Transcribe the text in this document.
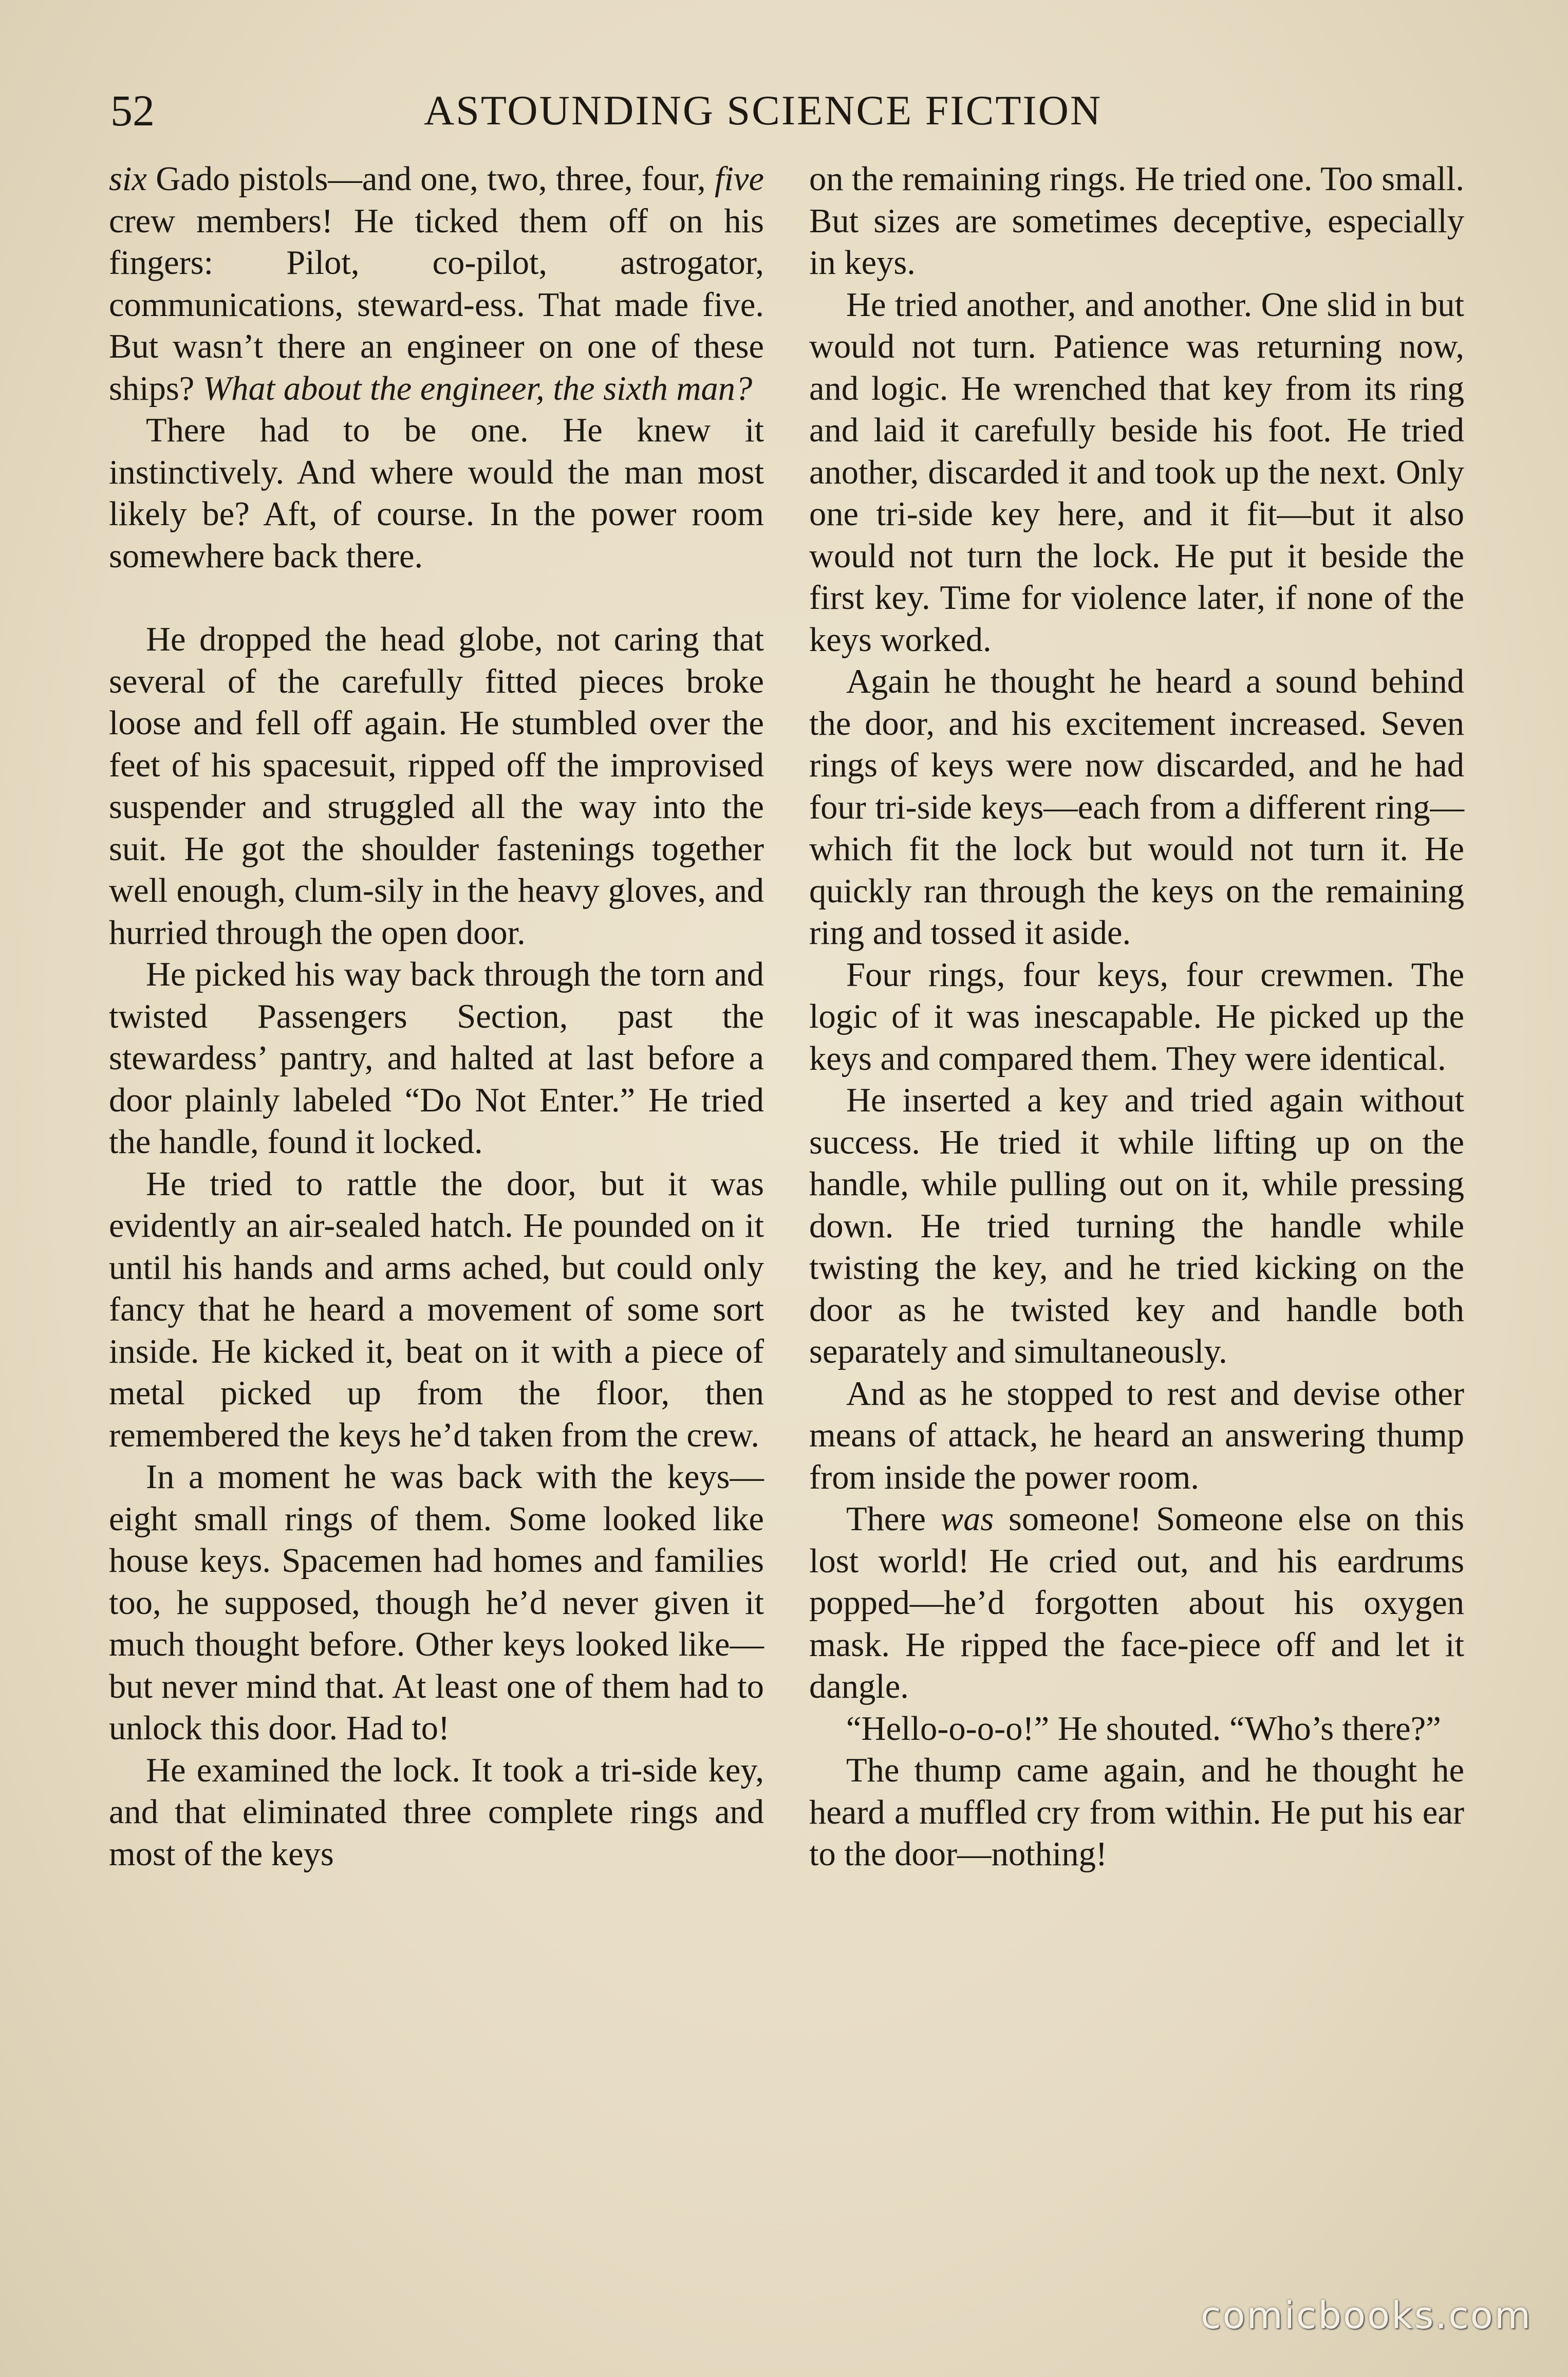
52	ASTOUNDING SCIENCE FICTION

six Gado pistols—and one, two, three, four, five crew members! He ticked them off on his fingers: Pilot, co-pilot, astrogator, communications, steward-ess. That made five. But wasn’t there an engineer on one of these ships? What about the engineer, the sixth man?

There had to be one. He knew it instinctively. And where would the man most likely be? Aft, of course. In the power room somewhere back there.

He dropped the head globe, not caring that several of the carefully fitted pieces broke loose and fell off again. He stumbled over the feet of his spacesuit, ripped off the improvised suspender and struggled all the way into the suit. He got the shoulder fastenings together well enough, clum-sily in the heavy gloves, and hurried through the open door.

He picked his way back through the torn and twisted Passengers Section, past the stewardess’ pantry, and halted at last before a door plainly labeled “Do Not Enter.” He tried the handle, found it locked.

He tried to rattle the door, but it was evidently an air-sealed hatch. He pounded on it until his hands and arms ached, but could only fancy that he heard a movement of some sort inside. He kicked it, beat on it with a piece of metal picked up from the floor, then remembered the keys he’d taken from the crew.

In a moment he was back with the keys—eight small rings of them. Some looked like house keys. Spacemen had homes and families too, he supposed, though he’d never given it much thought before. Other keys looked like—but never mind that. At least one of them had to unlock this door. Had to!

He examined the lock. It took a tri-side key, and that eliminated three complete rings and most of the keys

on the remaining rings. He tried one. Too small. But sizes are sometimes deceptive, especially in keys.

He tried another, and another. One slid in but would not turn. Patience was returning now, and logic. He wrenched that key from its ring and laid it carefully beside his foot. He tried another, discarded it and took up the next. Only one tri-side key here, and it fit—but it also would not turn the lock. He put it beside the first key. Time for violence later, if none of the keys worked.

Again he thought he heard a sound behind the door, and his excitement increased. Seven rings of keys were now discarded, and he had four tri-side keys—each from a different ring—which fit the lock but would not turn it. He quickly ran through the keys on the remaining ring and tossed it aside.

Four rings, four keys, four crewmen. The logic of it was inescapable. He picked up the keys and compared them. They were identical.

He inserted a key and tried again without success. He tried it while lifting up on the handle, while pulling out on it, while pressing down. He tried turning the handle while twisting the key, and he tried kicking on the door as he twisted key and handle both separately and simultaneously.

And as he stopped to rest and devise other means of attack, he heard an answering thump from inside the power room.

There was someone! Someone else on this lost world! He cried out, and his eardrums popped—he’d forgotten about his oxygen mask. He ripped the face-piece off and let it dangle.

“Hello-o-o-o!” He shouted. “Who’s there?”

The thump came again, and he thought he heard a muffled cry from within. He put his ear to the door—nothing!

comicbooks.com
